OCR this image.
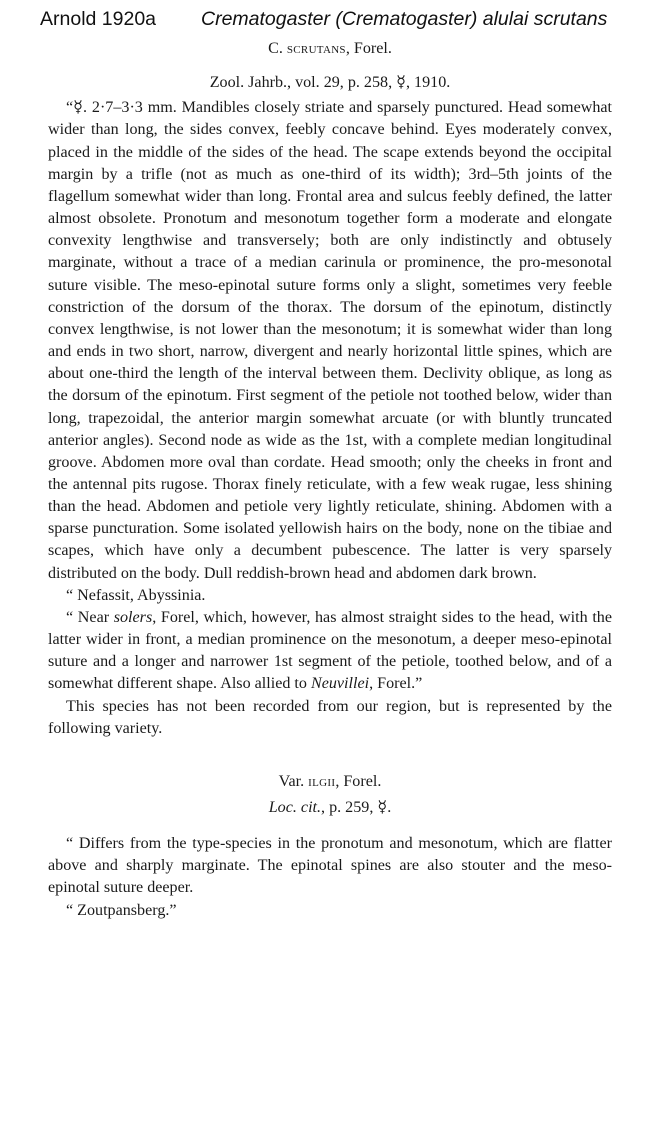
Arnold 1920a Crematogaster (Crematogaster) alulai scrutans

C. scrutans, Forel.

Zool. Jahrb., vol. 29, p. 258, ☿, 1910.

“☿. 2·7–3·3 mm. Mandibles closely striate and sparsely punctured. Head somewhat wider than long, the sides convex, feebly concave behind. Eyes moderately convex, placed in the middle of the sides of the head. The scape extends beyond the occipital margin by a trifle (not as much as one-third of its width); 3rd–5th joints of the flagellum somewhat wider than long. Frontal area and sulcus feebly defined, the latter almost obsolete. Pronotum and mesonotum together form a moderate and elongate convexity lengthwise and transversely; both are only indistinctly and obtusely marginate, without a trace of a median carinula or prominence, the pro-mesonotal suture visible. The meso-epinotal suture forms only a slight, sometimes very feeble constriction of the dorsum of the thorax. The dorsum of the epinotum, distinctly convex lengthwise, is not lower than the mesonotum; it is somewhat wider than long and ends in two short, narrow, divergent and nearly horizontal little spines, which are about one-third the length of the interval between them. Declivity oblique, as long as the dorsum of the epinotum. First segment of the petiole not toothed below, wider than long, trapezoidal, the anterior margin somewhat arcuate (or with bluntly truncated anterior angles). Second node as wide as the 1st, with a complete median longitudinal groove. Abdomen more oval than cordate. Head smooth; only the cheeks in front and the antennal pits rugose. Thorax finely reticulate, with a few weak rugae, less shining than the head. Abdomen and petiole very lightly reticulate, shining. Abdomen with a sparse puncturation. Some isolated yellowish hairs on the body, none on the tibiae and scapes, which have only a decumbent pubescence. The latter is very sparsely distributed on the body. Dull reddish-brown head and abdomen dark brown.

“ Nefassit, Abyssinia.

“ Near solers, Forel, which, however, has almost straight sides to the head, with the latter wider in front, a median prominence on the mesonotum, a deeper meso-epinotal suture and a longer and narrower 1st segment of the petiole, toothed below, and of a somewhat different shape. Also allied to Neuvillei, Forel.”

This species has not been recorded from our region, but is represented by the following variety.

Var. ilgii, Forel.

Loc. cit., p. 259, ☿.

“ Differs from the type-species in the pronotum and mesonotum, which are flatter above and sharply marginate. The epinotal spines are also stouter and the meso-epinotal suture deeper.

“ Zoutpansberg.”
